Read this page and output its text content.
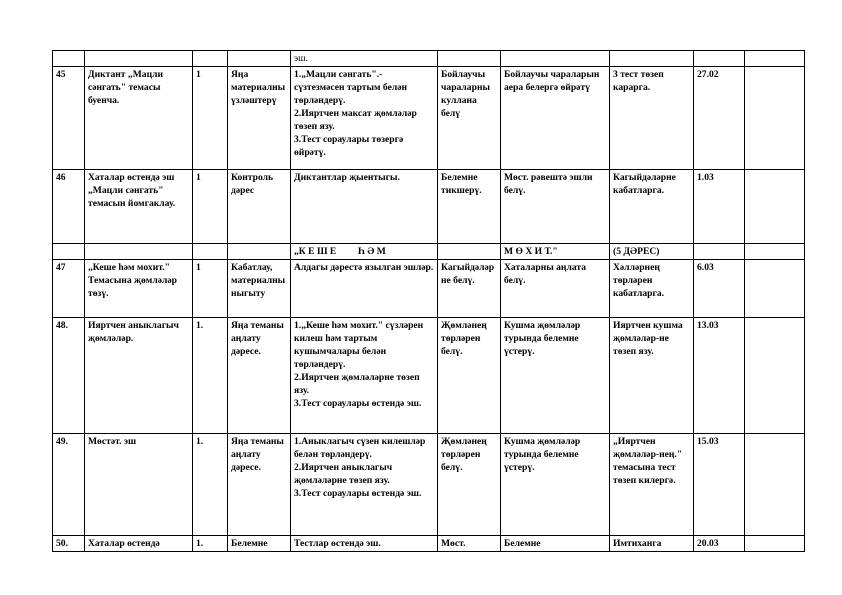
				эш.					
45	Диктант „Мацли сәнгать" темасы буенча.	1	Яңа материалны үзләштерү	1.„Мацли сәнгать".- сүзтезмәсен тартым белән төрләндерү.
2.Ияртчен максат җөмләләр төзеп язу.
3.Тест сораулары төзергә өйрәтү.	Бойлаучы чараларны куллана белү	Бойлаучы чараларын аера белергә өйрәтү	3 тест төзеп карарга.	27.02	
46	Хаталар өстендә эш „Мацли сәнгать" темасын йомгаклау.	1	Контроль дәрес	Диктантлар җыентыгы.	Белемне тикшерү.	Мөст. рәвештә эшли белү.	Кагыйдәләрне кабатларга.	1.03	
				„К Е Ш Е         Һ Ә М		М Ө Х И Т."	(5 ДӘРЕС)		
47	„Кеше һәм мохит." Темасына җөмләләр төзү.	1	Кабатлау, материалны ныгыту	Алдагы дәрестә язылган эшләр.	Кагыйдәләрне белү.	Хаталарны аңлата белү.	Хәлләрнең төрләрен кабатларга.	6.03	
48.	Ияртчен аныклагыч җөмләләр.	1.	Яңа теманы аңлату дәресе.	1.„Кеше һәм мохит." сүзләрен килеш һәм тартым кушымчалары белән төрләндерү.
2.Ияртчен җөмләләрне төзеп язу.
3.Тест сораулары өстендә эш.	Җөмләнең төрләрен белү.	Кушма җөмләләр турында белемне үстерү.	Ияртчен кушма җөмләләр-не төзеп язу.	13.03	
49.	Мөстәт. эш	1.	Яңа теманы аңлату дәресе.	1.Аныклагыч сүзен килешләр белән төрләндерү.
2.Ияртчен аныклагыч җөмләләрне төзеп язу.
3.Тест сораулары өстендә эш.	Җөмләнең төрләрен белү.	Кушма җөмләләр турында белемне үстерү.	„Ияртчен җөмләләр-нең." темасына тест төзеп килергә.	15.03	
50.	Хаталар өстендә	1.	Белемне	Тестлар өстендә эш.	Мөст.	Белемне	Имтиханга	20.03	
